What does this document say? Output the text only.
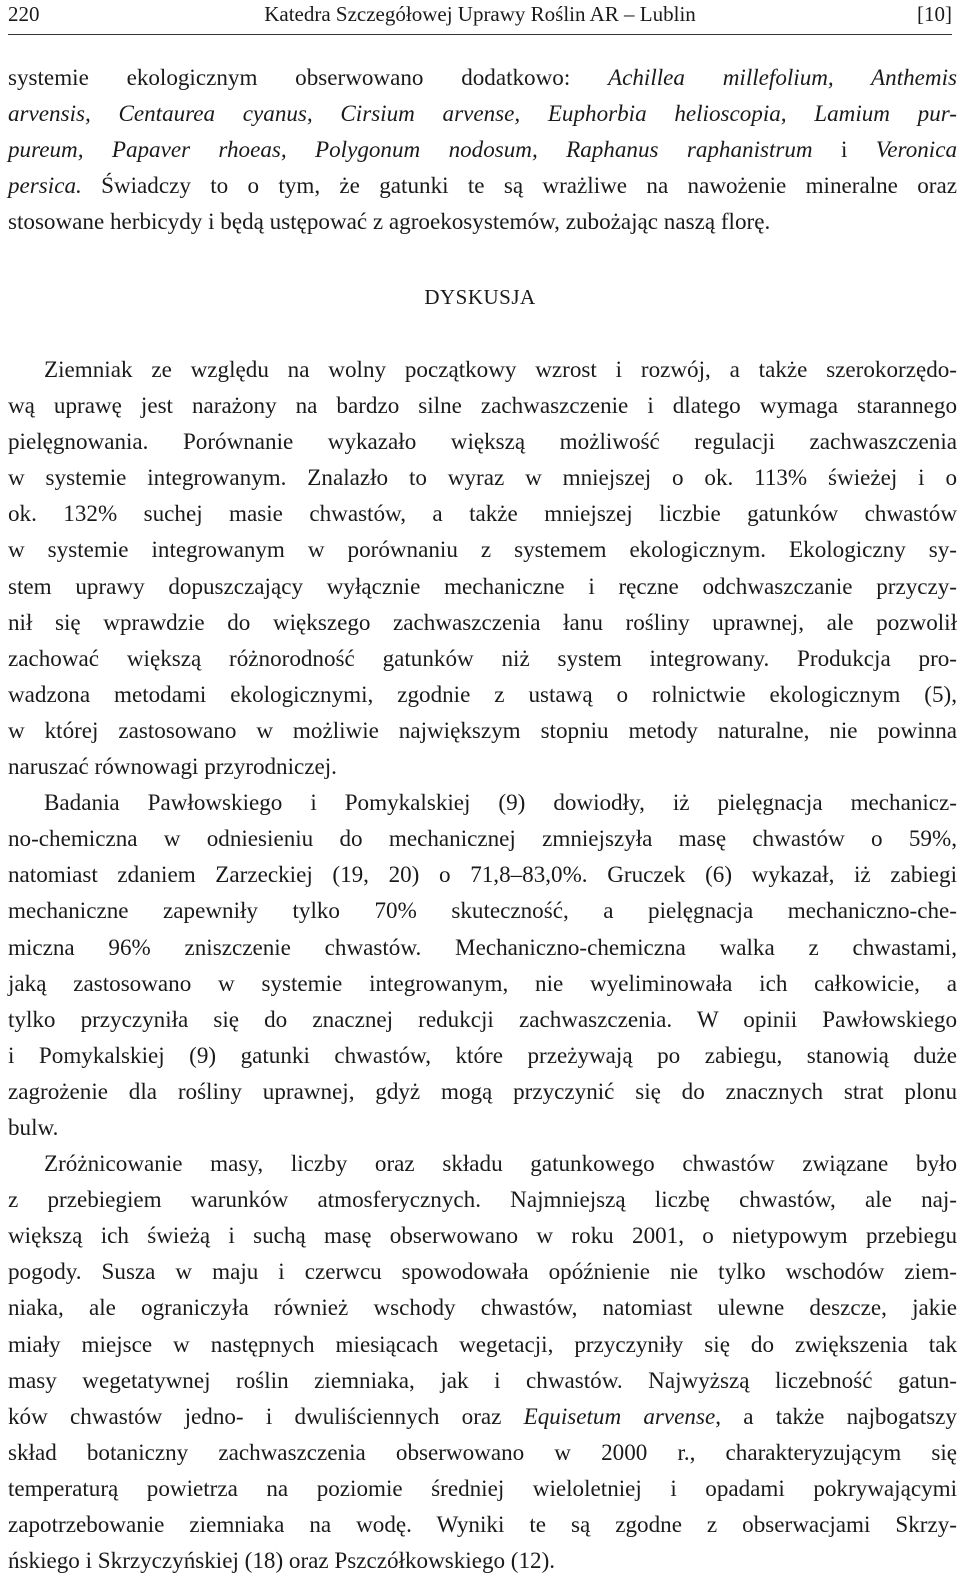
220	Katedra Szczegółowej Uprawy Roślin AR – Lublin	[10]

systemie ekologicznym obserwowano dodatkowo: Achillea millefolium, Anthemis
arvensis, Centaurea cyanus, Cirsium arvense, Euphorbia helioscopia, Lamium pur-
pureum, Papaver rhoeas, Polygonum nodosum, Raphanus raphanistrum i Veronica
persica. Świadczy to o tym, że gatunki te są wrażliwe na nawożenie mineralne oraz
stosowane herbicydy i będą ustępować z agroekosystemów, zubożając naszą florę.

DYSKUSJA

Ziemniak ze względu na wolny początkowy wzrost i rozwój, a także szerokorzędo-
wą uprawę jest narażony na bardzo silne zachwaszczenie i dlatego wymaga starannego
pielęgnowania. Porównanie wykazało większą możliwość regulacji zachwaszczenia
w systemie integrowanym. Znalazło to wyraz w mniejszej o ok. 113% świeżej i o
ok. 132% suchej masie chwastów, a także mniejszej liczbie gatunków chwastów
w systemie integrowanym w porównaniu z systemem ekologicznym. Ekologiczny sy-
stem uprawy dopuszczający wyłącznie mechaniczne i ręczne odchwaszczanie przyczy-
nił się wprawdzie do większego zachwaszczenia łanu rośliny uprawnej, ale pozwolił
zachować większą różnorodność gatunków niż system integrowany. Produkcja pro-
wadzona metodami ekologicznymi, zgodnie z ustawą o rolnictwie ekologicznym (5),
w której zastosowano w możliwie największym stopniu metody naturalne, nie powinna
naruszać równowagi przyrodniczej.

Badania Pawłowskiego i Pomykalskiej (9) dowiodły, iż pielęgnacja mechanicz-
no-chemiczna w odniesieniu do mechanicznej zmniejszyła masę chwastów o 59%,
natomiast zdaniem Zarzeckiej (19, 20) o 71,8–83,0%. Gruczek (6) wykazał, iż zabiegi
mechaniczne zapewniły tylko 70% skuteczność, a pielęgnacja mechaniczno-che-
miczna 96% zniszczenie chwastów. Mechaniczno-chemiczna walka z chwastami,
jaką zastosowano w systemie integrowanym, nie wyeliminowała ich całkowicie, a
tylko przyczyniła się do znacznej redukcji zachwaszczenia. W opinii Pawłowskiego
i Pomykalskiej (9) gatunki chwastów, które przeżywają po zabiegu, stanowią duże
zagrożenie dla rośliny uprawnej, gdyż mogą przyczynić się do znacznych strat plonu
bulw.

Zróżnicowanie masy, liczby oraz składu gatunkowego chwastów związane było
z przebiegiem warunków atmosferycznych. Najmniejszą liczbę chwastów, ale naj-
większą ich świeżą i suchą masę obserwowano w roku 2001, o nietypowym przebiegu
pogody. Susza w maju i czerwcu spowodowała opóźnienie nie tylko wschodów ziem-
niaka, ale ograniczyła również wschody chwastów, natomiast ulewne deszcze, jakie
miały miejsce w następnych miesiącach wegetacji, przyczyniły się do zwiększenia tak
masy wegetatywnej roślin ziemniaka, jak i chwastów. Najwyższą liczebność gatun-
ków chwastów jedno- i dwuliściennych oraz Equisetum arvense, a także najbogatszy
skład botaniczny zachwaszczenia obserwowano w 2000 r., charakteryzującym się
temperaturą powietrza na poziomie średniej wieloletniej i opadami pokrywającymi
zapotrzebowanie ziemniaka na wodę. Wyniki te są zgodne z obserwacjami Skrzy-
ńskiego i Skrzyczyńskiej (18) oraz Pszczółkowskiego (12).
